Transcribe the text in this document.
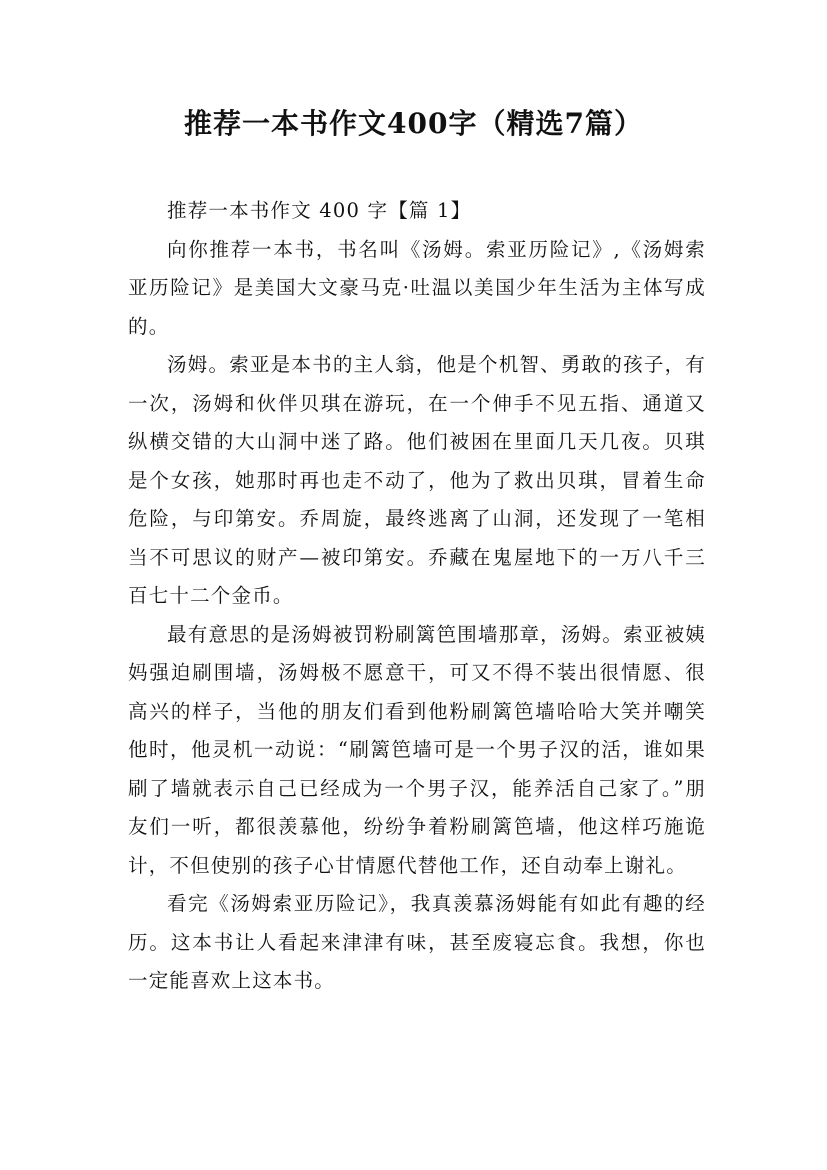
推荐一本书作文400字（精选7篇）

推荐一本书作文 400 字【篇 1】

向你推荐一本书，书名叫《汤姆。索亚历险记》,《汤姆索亚历险记》是美国大文豪马克·吐温以美国少年生活为主体写成的。

汤姆。索亚是本书的主人翁，他是个机智、勇敢的孩子，有一次，汤姆和伙伴贝琪在游玩，在一个伸手不见五指、通道又纵横交错的大山洞中迷了路。他们被困在里面几天几夜。贝琪是个女孩，她那时再也走不动了，他为了救出贝琪，冒着生命危险，与印第安。乔周旋，最终逃离了山洞，还发现了一笔相当不可思议的财产—被印第安。乔藏在鬼屋地下的一万八千三百七十二个金币。

最有意思的是汤姆被罚粉刷篱笆围墙那章，汤姆。索亚被姨妈强迫刷围墙，汤姆极不愿意干，可又不得不装出很情愿、很高兴的样子，当他的朋友们看到他粉刷篱笆墙哈哈大笑并嘲笑他时，他灵机一动说：“刷篱笆墙可是一个男子汉的活，谁如果刷了墙就表示自己已经成为一个男子汉，能养活自己家了。”朋友们一听，都很羡慕他，纷纷争着粉刷篱笆墙，他这样巧施诡计，不但使别的孩子心甘情愿代替他工作，还自动奉上谢礼。

看完《汤姆索亚历险记》，我真羡慕汤姆能有如此有趣的经历。这本书让人看起来津津有味，甚至废寝忘食。我想，你也一定能喜欢上这本书。
